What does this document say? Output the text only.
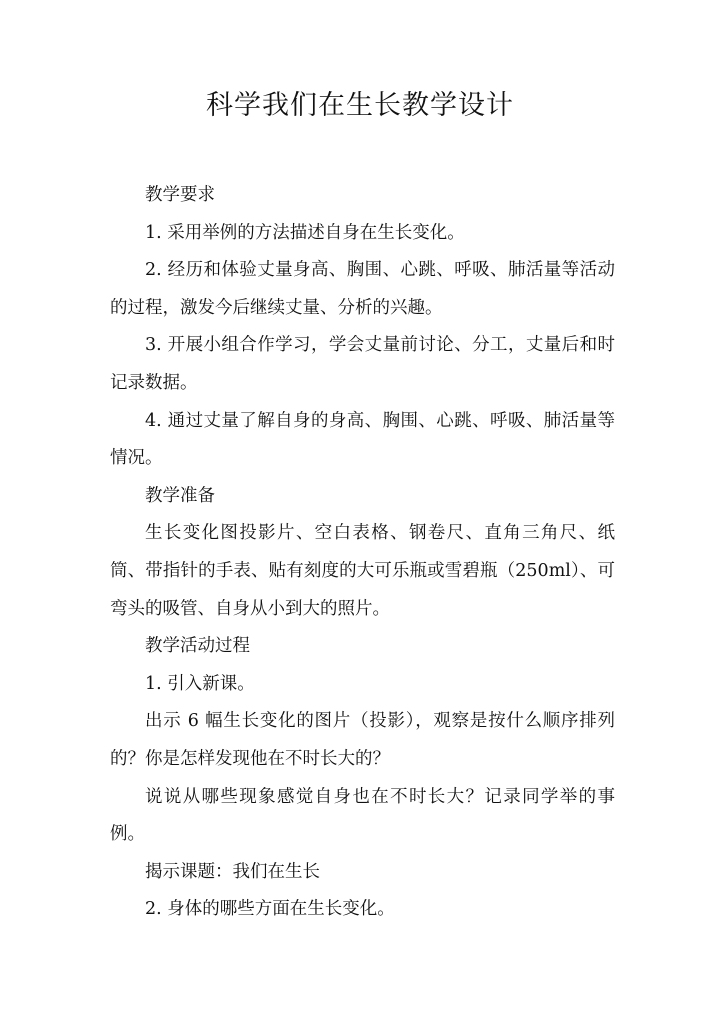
科学我们在生长教学设计

教学要求

1. 采用举例的方法描述自身在生长变化。

2. 经历和体验丈量身高、胸围、心跳、呼吸、肺活量等活动的过程，激发今后继续丈量、分析的兴趣。

3. 开展小组合作学习，学会丈量前讨论、分工，丈量后和时记录数据。

4. 通过丈量了解自身的身高、胸围、心跳、呼吸、肺活量等情况。

教学准备

生长变化图投影片、空白表格、钢卷尺、直角三角尺、纸筒、带指针的手表、贴有刻度的大可乐瓶或雪碧瓶（250ml）、可弯头的吸管、自身从小到大的照片。

教学活动过程

1. 引入新课。

出示 6 幅生长变化的图片（投影），观察是按什么顺序排列的？你是怎样发现他在不时长大的？

说说从哪些现象感觉自身也在不时长大？记录同学举的事例。

揭示课题：我们在生长

2. 身体的哪些方面在生长变化。
